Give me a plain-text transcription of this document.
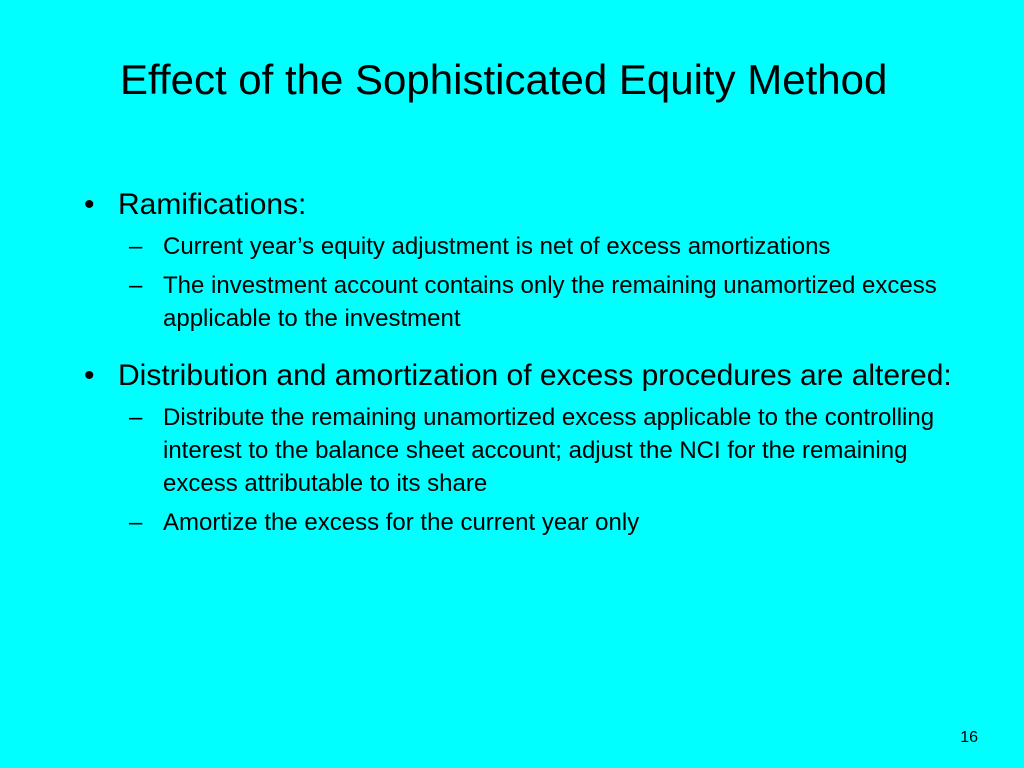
Effect of the Sophisticated Equity Method
• Ramifications:
– Current year’s equity adjustment is net of excess amortizations
– The investment account contains only the remaining unamortized excess applicable to the investment
• Distribution and amortization of excess procedures are altered:
– Distribute the remaining unamortized excess applicable to the controlling interest to the balance sheet account; adjust the NCI for the remaining excess attributable to its share
– Amortize the excess for the current year only
16
